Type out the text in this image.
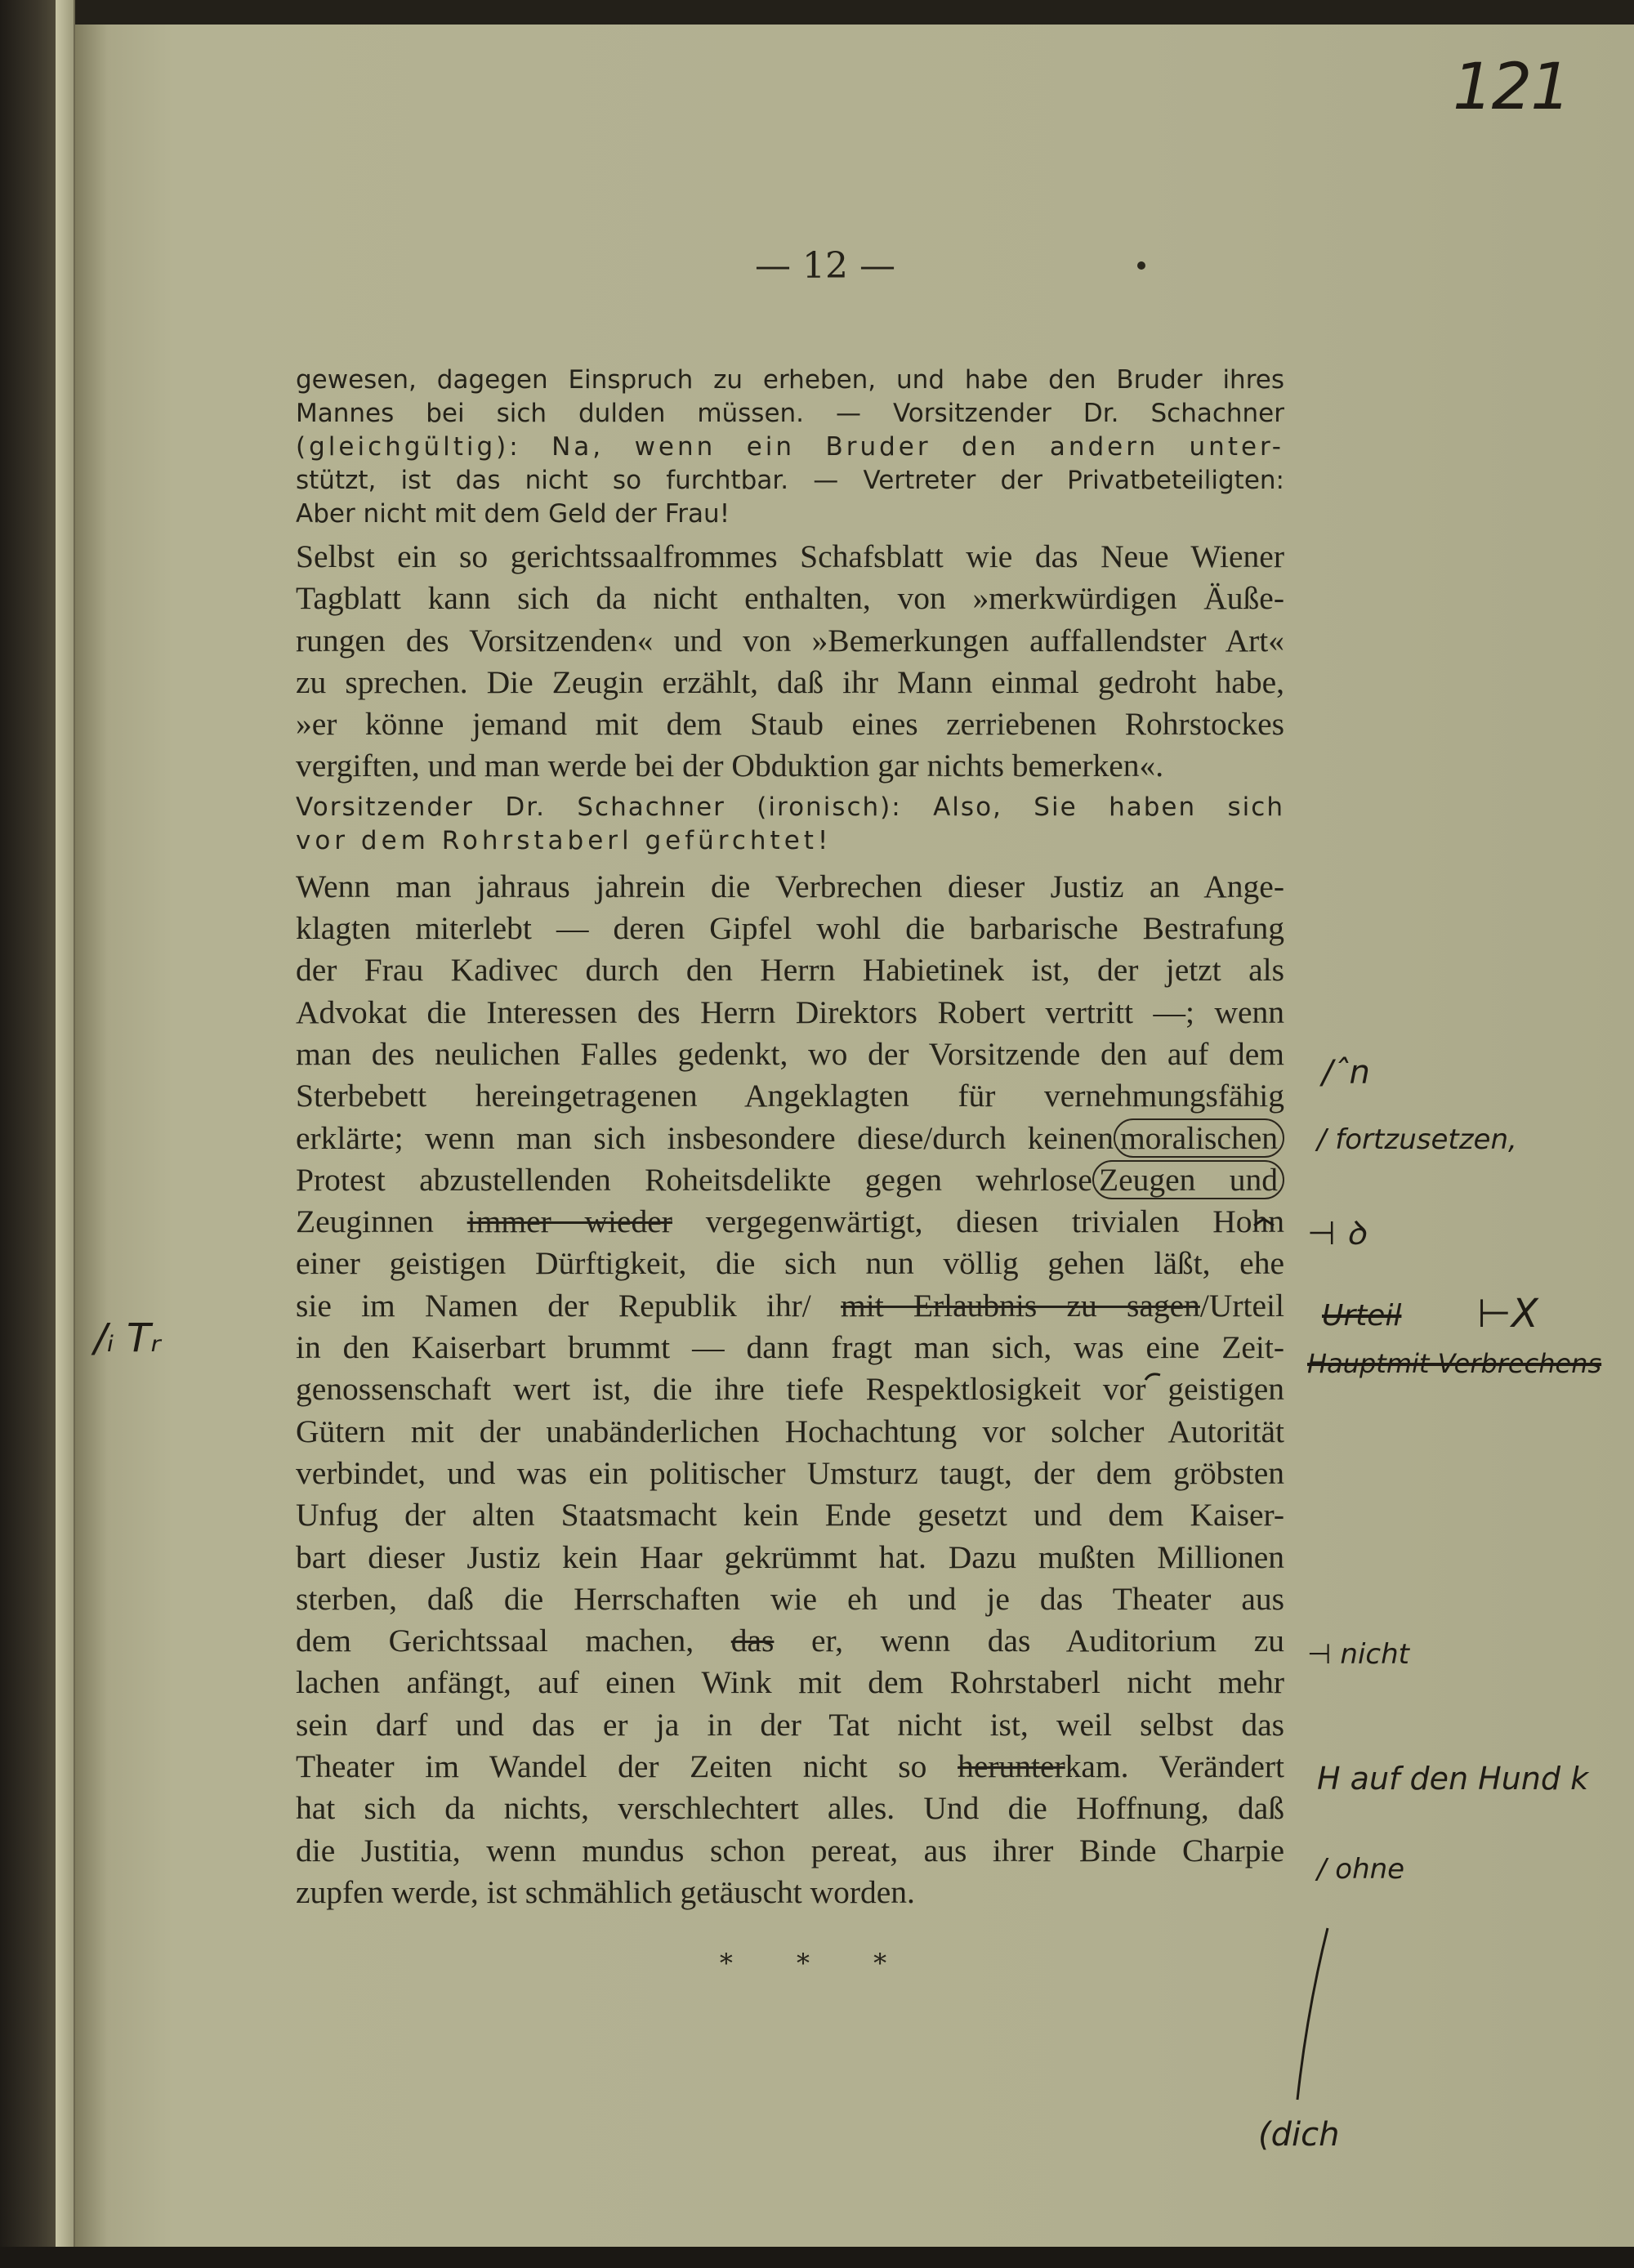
121
— 12 —

gewesen, dagegen Einspruch zu erheben, und habe den Bruder ihres
Mannes bei sich dulden müssen. — Vorsitzender Dr. Schachner
(gleichgültig): Na, wenn ein Bruder den andern unter-
stützt, ist das nicht so furchtbar. — Vertreter der Privatbeteiligten:
Aber nicht mit dem Geld der Frau!

Selbst ein so gerichtssaalfrommes Schafsblatt wie das Neue Wiener
Tagblatt kann sich da nicht enthalten, von »merkwürdigen Äuße-
rungen des Vorsitzenden« und von »Bemerkungen auffallendster Art«
zu sprechen. Die Zeugin erzählt, daß ihr Mann einmal gedroht habe,
»er könne jemand mit dem Staub eines zerriebenen Rohrstockes
vergiften, und man werde bei der Obduktion gar nichts bemerken«.

Vorsitzender Dr. Schachner (ironisch): Also, Sie haben sich
vor dem Rohrstaberl gefürchtet!

Wenn man jahraus jahrein die Verbrechen dieser Justiz an Ange-
klagten miterlebt — deren Gipfel wohl die barbarische Bestrafung
der Frau Kadivec durch den Herrn Habietinek ist, der jetzt als
Advokat die Interessen des Herrn Direktors Robert vertritt —; wenn
man des neulichen Falles gedenkt, wo der Vorsitzende den auf dem
Sterbebett hereingetragenen Angeklagten für vernehmungsfähig
erklärte; wenn man sich insbesondere diese/durch keinen moralischen
Protest abzustellenden Roheitsdelikte gegen wehrlose Zeugen und
Zeuginnen immer wieder vergegenwärtigt, diesen trivialen Hohn
einer geistigen Dürftigkeit, die sich nun völlig gehen läßt, ehe
sie im Namen der Republik ihr/ mit Erlaubnis zu sagen/Urteil
in den Kaiserbart brummt — dann fragt man sich, was eine Zeit-
genossenschaft wert ist, die ihre tiefe Respektlosigkeit vor geistigen
Gütern mit der unabänderlichen Hochachtung vor solcher Autorität
verbindet, und was ein politischer Umsturz taugt, der dem gröbsten
Unfug der alten Staatsmacht kein Ende gesetzt und dem Kaiser-
bart dieser Justiz kein Haar gekrümmt hat. Dazu mußten Millionen
sterben, daß die Herrschaften wie eh und je das Theater aus
dem Gerichtssaal machen, das er, wenn das Auditorium zu
lachen anfängt, auf einen Wink mit dem Rohrstaberl nicht mehr
sein darf und das er ja in der Tat nicht ist, weil selbst das
Theater im Wandel der Zeiten nicht so herunterkam. Verändert
hat sich da nichts, verschlechtert alles. Und die Hoffnung, daß
die Justitia, wenn mundus schon pereat, aus ihrer Binde Charpie
zupfen werde, ist schmählich getäuscht worden.

* * *
/ˆn
/ fortzusetzen,
⊣ ꝺ
/ᵢ Tᵣ	Urteil ⊢X
Hauptmit Verbrechens
⊣ nicht
H auf den Hund k
/ ohne
(dich
